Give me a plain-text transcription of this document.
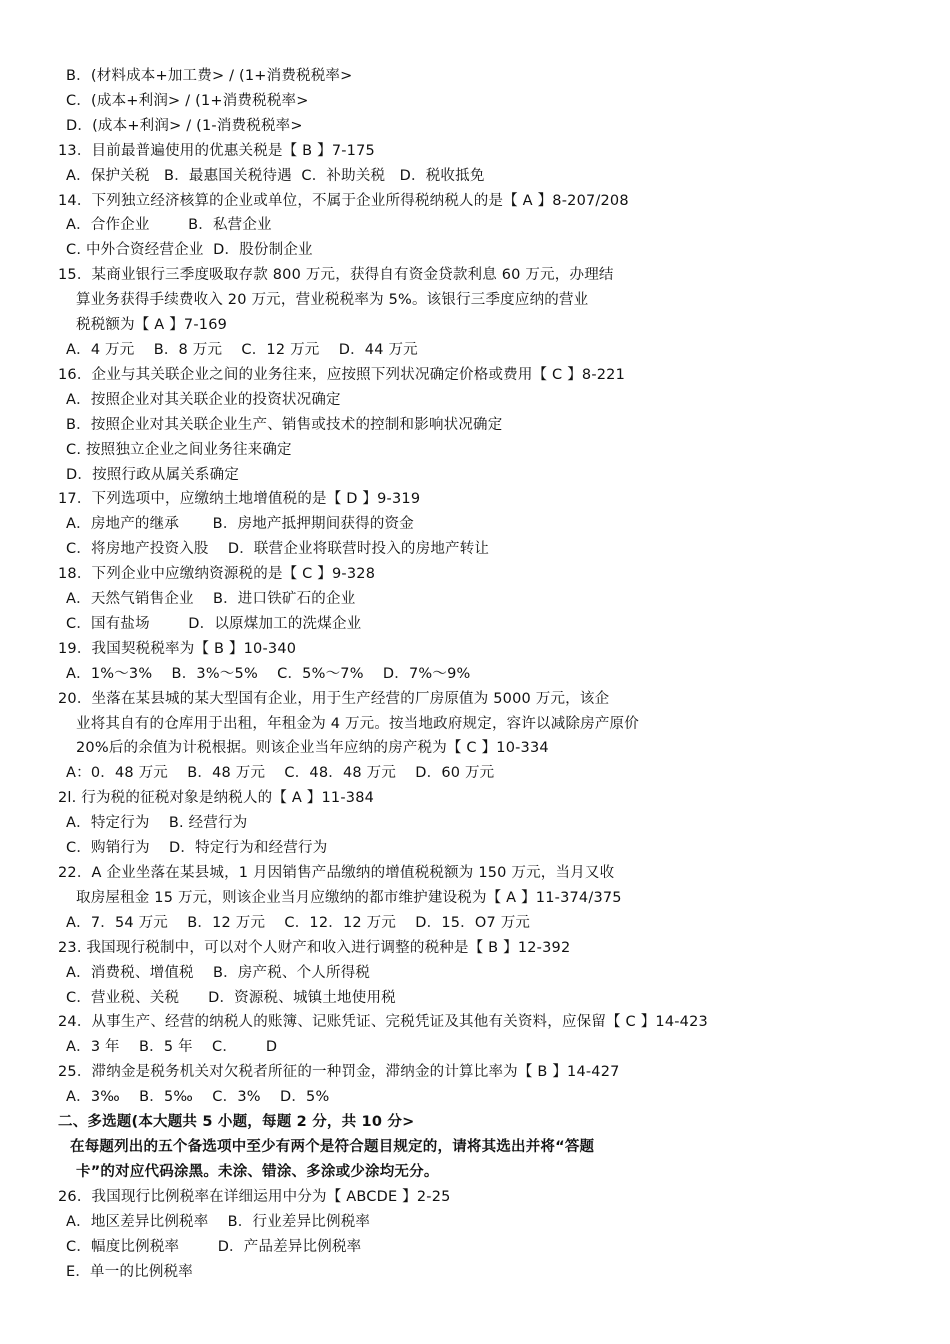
B．(材料成本+加工费> / (1+消费税税率>
C．(成本+利润> / (1+消费税税率>
D．(成本+利润> / (1-消费税税率>
13．目前最普遍使用的优惠关税是【 B 】7-175
A．保护关税   B．最惠国关税待遇  C．补助关税   D．税收抵免
14．下列独立经济核算的企业或单位，不属于企业所得税纳税人的是【 A 】8-207/208
A．合作企业        B．私营企业
C. 中外合资经营企业  D．股份制企业
15．某商业银行三季度吸取存款 800 万元，获得自有资金贷款利息 60 万元，办理结
算业务获得手续费收入 20 万元，营业税税率为 5%。该银行三季度应纳的营业
税税额为【 A 】7-169
A．4 万元    B．8 万元    C．12 万元    D．44 万元
16．企业与其关联企业之间的业务往来，应按照下列状况确定价格或费用【 C 】8-221
A．按照企业对其关联企业的投资状况确定
B．按照企业对其关联企业生产、销售或技术的控制和影响状况确定
C. 按照独立企业之间业务往来确定
D．按照行政从属关系确定
17．下列选项中，应缴纳土地增值税的是【 D 】9-319
A．房地产的继承       B．房地产抵押期间获得的资金
C．将房地产投资入股    D．联营企业将联营时投入的房地产转让
18．下列企业中应缴纳资源税的是【 C 】9-328
A．天然气销售企业    B．进口铁矿石的企业
C．国有盐场        D．以原煤加工的洗煤企业
19．我国契税税率为【 B 】10-340
A．1%～3%    B．3%～5%    C．5%～7%    D．7%～9%
20．坐落在某县城的某大型国有企业，用于生产经营的厂房原值为 5000 万元，该企
业将其自有的仓库用于出租，年租金为 4 万元。按当地政府规定，容许以减除房产原价
20%后的余值为计税根据。则该企业当年应纳的房产税为【 C 】10-334
A：0．48 万元    B．48 万元    C．48．48 万元    D．60 万元
2l. 行为税的征税对象是纳税人的【 A 】11-384
A．特定行为    B. 经营行为
C．购销行为    D．特定行为和经营行为
22．A 企业坐落在某县城，1 月因销售产品缴纳的增值税税额为 150 万元，当月又收
取房屋租金 15 万元，则该企业当月应缴纳的都市维护建设税为【 A 】11-374/375
A．7．54 万元    B．12 万元    C．12．12 万元    D．15．O7 万元
23. 我国现行税制中，可以对个人财产和收入进行调整的税种是【 B 】12-392
A．消费税、增值税    B．房产税、个人所得税
C．营业税、关税      D．资源税、城镇土地使用税
24．从事生产、经营的纳税人的账簿、记账凭证、完税凭证及其他有关资料，应保留【 C 】14-423
A．3 年    B．5 年    C．      D
25．滞纳金是税务机关对欠税者所征的一种罚金，滞纳金的计算比率为【 B 】14-427
A．3‰    B．5‰    C．3%    D．5%
二、多选题(本大题共 5 小题，每题 2 分，共 10 分>
在每题列出的五个备选项中至少有两个是符合题目规定的，请将其选出并将“答题
卡”的对应代码涂黑。未涂、错涂、多涂或少涂均无分。
26．我国现行比例税率在详细运用中分为【 ABCDE 】2-25
A．地区差异比例税率    B．行业差异比例税率
C．幅度比例税率        D．产品差异比例税率
E．单一的比例税率
